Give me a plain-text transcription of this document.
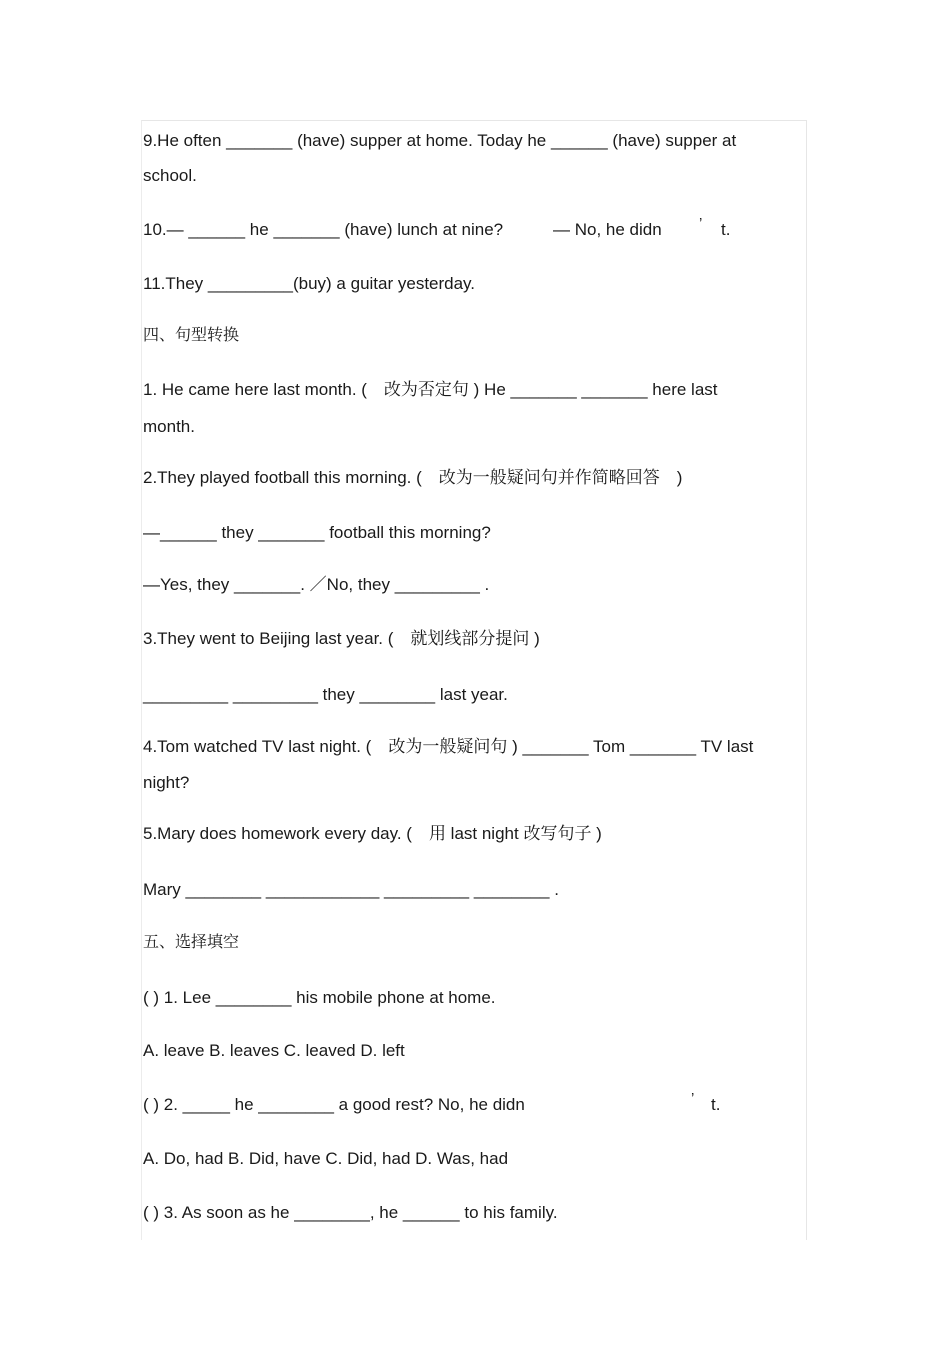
9.He often _______ (have) supper at home. Today he ______ (have) supper at
school.
10.— ______ he _______ (have) lunch at nine?	— No, he didn ’ t.
11.They _________(buy) a guitar yesterday.
四、句型转换
1. He came here last month. (　改为否定句 ) He _______ _______ here last
month.
2.They played football this morning. (　改为一般疑问句并作简略回答　)
—______ they _______ football this morning?
—Yes, they _______. ／No, they _________ .
3.They went to Beijing last year. (　就划线部分提问 )
_________ _________ they ________ last year.
4.Tom watched TV last night. (　改为一般疑问句 ) _______ Tom _______ TV last
night?
5.Mary does homework every day. (　用 last night 改写句子 )
Mary ________ ____________ _________ ________ .
五、选择填空
( ) 1. Lee ________ his mobile phone at home.
A. leave B. leaves C. leaved D. left
( ) 2. _____ he ________ a good rest? No, he didn	’ t.
A. Do, had B. Did, have C. Did, had D. Was, had
( ) 3. As soon as he ________, he ______ to his family.
